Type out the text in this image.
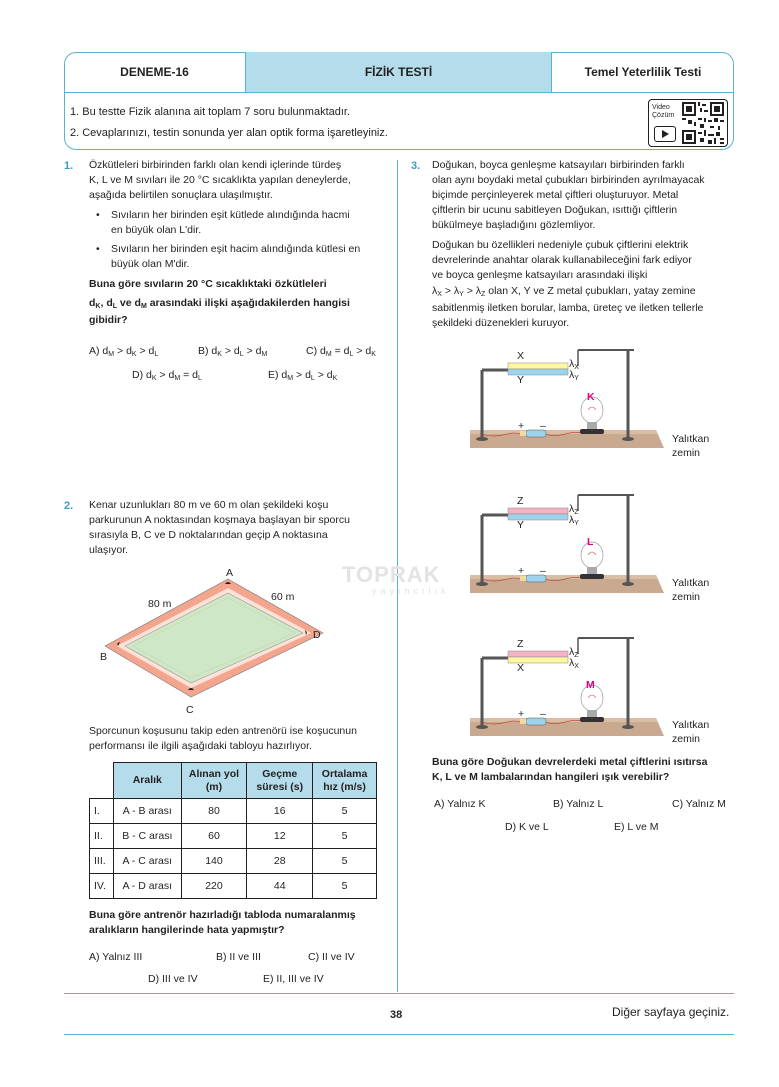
DENEME-16	FİZİK TESTİ	Temel Yeterlilik Testi
1. Bu testte Fizik alanına ait toplam 7 soru bulunmaktadır.
2. Cevaplarınızı, testin sonunda yer alan optik forma işaretleyiniz.
Video
Çözüm
TOPRAK
yayıncılık
1. Özkütleleri birbirinden farklı olan kendi içlerinde türdeş
K, L ve M sıvıları ile 20 °C sıcaklıkta yapılan deneylerde,
aşağıda belirtilen sonuçlara ulaşılmıştır.
• Sıvıların her birinden eşit kütlede alındığında hacmi
en büyük olan L'dir.
• Sıvıların her birinden eşit hacim alındığında kütlesi en
büyük olan M'dir.
Buna göre sıvıların 20 °C sıcaklıktaki özkütleleri
$d_K$, $d_L$ ve $d_M$ arasındaki ilişki aşağıdakilerden hangisi
gibidir?
A) $d_M > d_K > d_L$	B) $d_K > d_L > d_M$	C) $d_M = d_L > d_K$
D) $d_K > d_M = d_L$	E) $d_M > d_L > d_K$
2. Kenar uzunlukları 80 m ve 60 m olan şekildeki koşu
parkurunun A noktasından koşmaya başlayan bir sporcu
sırasıyla B, C ve D noktalarından geçip A noktasına
ulaşıyor.
A
80 m
60 m
D
B
C
Sporcunun koşusunu takip eden antrenörü ise koşucunun
performansı ile ilgili aşağıdaki tabloyu hazırlıyor.
	Aralık	Alınan yol
(m)	Geçme
süresi (s)	Ortalama
hız (m/s)
I.	A - B arası	80	16	5
II.	B - C arası	60	12	5
III.	A - C arası	140	28	5
IV.	A - D arası	220	44	5
Buna göre antrenör hazırladığı tabloda numaralanmış
aralıkların hangilerinde hata yapmıştır?
A) Yalnız III	B) II ve III	C) II ve IV
D) III ve IV	E) II, III ve IV
3. Doğukan, boyca genleşme katsayıları birbirinden farklı
olan aynı boydaki metal çubukları birbirinden ayrılmayacak
biçimde perçinleyerek metal çiftleri oluşturuyor. Metal
çiftlerin bir ucunu sabitleyen Doğukan, ısıttığı çiftlerin
bükülmeye başladığını gözlemliyor.
Doğukan bu özellikleri nedeniyle çubuk çiftlerini elektrik
devrelerinde anahtar olarak kullanabileceğini fark ediyor
ve boyca genleşme katsayıları arasındaki ilişki
$\lambda_X > \lambda_Y > \lambda_Z$ olan X, Y ve Z metal çubukları, yatay zemine
sabitlenmiş iletken borular, lamba, üreteç ve iletken tellerle
şekildeki düzenekleri kuruyor.
X
Y
$\lambda_X$
$\lambda_Y$
K
+ –
Yalıtkan
zemin
Z
Y
$\lambda_Z$
$\lambda_Y$
L
+ –
Yalıtkan
zemin
Z
X
$\lambda_Z$
$\lambda_X$
M
+ –
Yalıtkan
zemin
Buna göre Doğukan devrelerdeki metal çiftlerini ısıtırsa
K, L ve M lambalarından hangileri ışık verebilir?
A) Yalnız K	B) Yalnız L	C) Yalnız M
D) K ve L	E) L ve M
38	Diğer sayfaya geçiniz.
